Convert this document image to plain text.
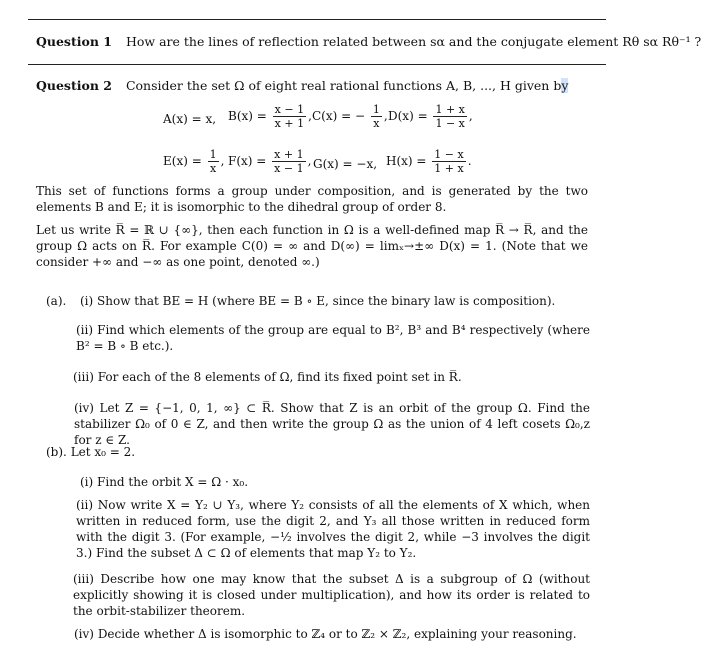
Question 1 How are the lines of reflection related between sα and the conjugate element Rθ sα Rθ⁻¹ ?
Question 2 Consider the set Ω of eight real rational functions A, B, ..., H given by
A(x) = x, $B(x) = \frac{x - 1}{x + 1}$ , C(x) = − $\frac{1}{x}$ , $D(x) = \frac{1 + x}{1 - x}$ ,
$E(x) = \frac{1}{x}$ , $F(x) = \frac{x + 1}{x - 1}$ , G(x) = −x, $H(x) = \frac{1 - x}{1 + x}$ .
This set of functions forms a group under composition, and is generated by the two elements B and E; it is isomorphic to the dihedral group of order 8.
Let us write R̅ = ℝ ∪ {∞}, then each function in Ω is a well-defined map R̅ → R̅, and the group Ω acts on R̅. For example C(0) = ∞ and D(∞) = limₓ→±∞ D(x) = 1. (Note that we consider +∞ and −∞ as one point, denoted ∞.)
(a). (i) Show that BE = H (where BE = B ∘ E, since the binary law is composition).
(ii) Find which elements of the group are equal to B², B³ and B⁴ respectively (where B² = B ∘ B etc.).
(iii) For each of the 8 elements of Ω, find its fixed point set in R̅.
(iv) Let Z = {−1, 0, 1, ∞} ⊂ R̅. Show that Z is an orbit of the group Ω. Find the stabilizer Ω₀ of 0 ∈ Z, and then write the group Ω as the union of 4 left cosets Ω₀,z for z ∈ Z.
(b). Let x₀ = 2.
(i) Find the orbit X = Ω · x₀.
(ii) Now write X = Y₂ ∪ Y₃, where Y₂ consists of all the elements of X which, when written in reduced form, use the digit 2, and Y₃ all those written in reduced form with the digit 3. (For example, −½ involves the digit 2, while −3 involves the digit 3.) Find the subset Δ ⊂ Ω of elements that map Y₂ to Y₂.
(iii) Describe how one may know that the subset Δ is a subgroup of Ω (without explicitly showing it is closed under multiplication), and how its order is related to the orbit-stabilizer theorem.
(iv) Decide whether Δ is isomorphic to ℤ₄ or to ℤ₂ × ℤ₂, explaining your reasoning.
